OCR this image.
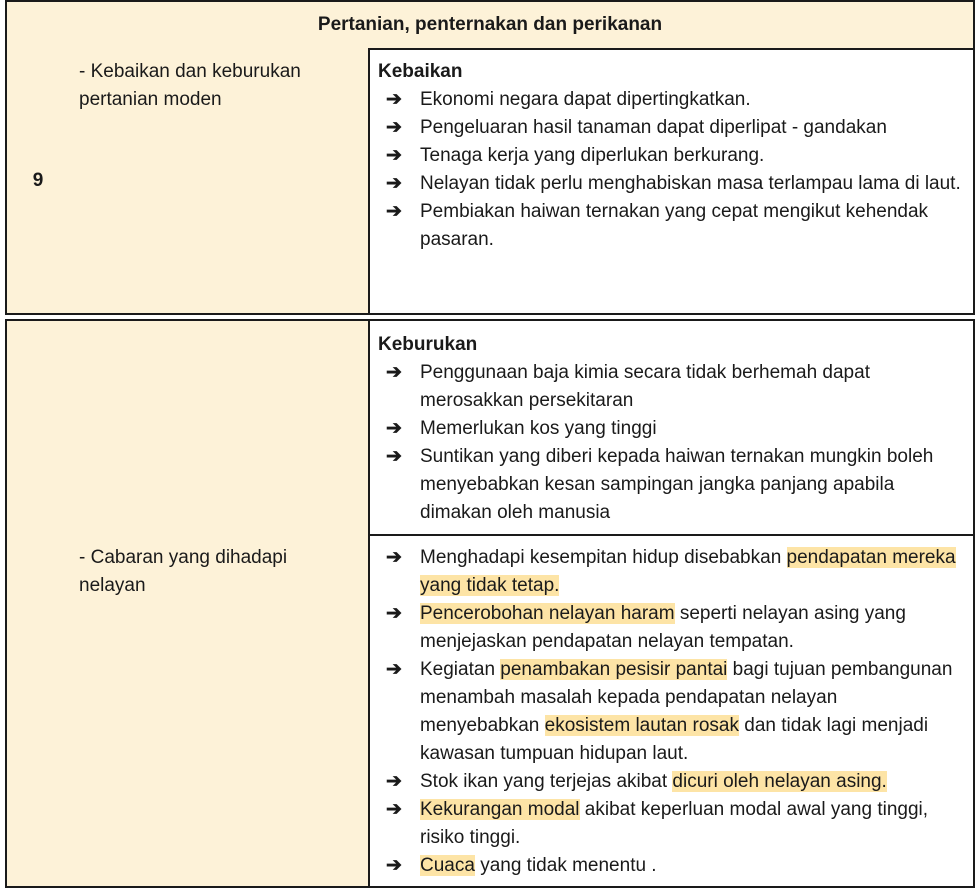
Pertanian, penternakan dan perikanan
9
- Kebaikan dan keburukan pertanian moden
Kebaikan
➔ Ekonomi negara dapat dipertingkatkan.
➔ Pengeluaran hasil tanaman dapat diperlipat - gandakan
➔ Tenaga kerja yang diperlukan berkurang.
➔ Nelayan tidak perlu menghabiskan masa terlampau lama di laut.
➔ Pembiakan haiwan ternakan yang cepat mengikut kehendak pasaran.
Keburukan
➔ Penggunaan baja kimia secara tidak berhemah dapat merosakkan persekitaran
➔ Memerlukan kos yang tinggi
➔ Suntikan yang diberi kepada haiwan ternakan mungkin boleh menyebabkan kesan sampingan jangka panjang apabila dimakan oleh manusia
- Cabaran yang dihadapi nelayan
➔ Menghadapi kesempitan hidup disebabkan pendapatan mereka yang tidak tetap.
➔ Pencerobohan nelayan haram seperti nelayan asing yang menjejaskan pendapatan nelayan tempatan.
➔ Kegiatan penambakan pesisir pantai bagi tujuan pembangunan menambah masalah kepada pendapatan nelayan menyebabkan ekosistem lautan rosak dan tidak lagi menjadi kawasan tumpuan hidupan laut.
➔ Stok ikan yang terjejas akibat dicuri oleh nelayan asing.
➔ Kekurangan modal akibat keperluan modal awal yang tinggi, risiko tinggi.
➔ Cuaca yang tidak menentu .
